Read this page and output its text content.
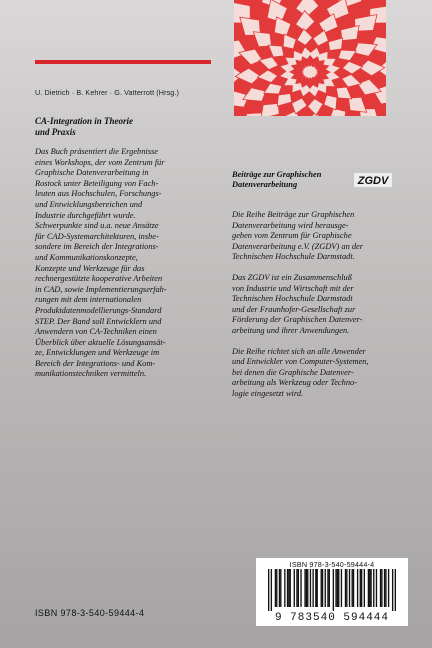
U. Dietrich · B. Kehrer · G. Vatterrott (Hrsg.)
CA-Integration in Theorie
und Praxis
Das Buch präsentiert die Ergebnisse
eines Workshops, der vom Zentrum für
Graphische Datenverarbeitung in
Rostock unter Beteiligung von Fach-
leuten aus Hochschulen, Forschungs-
und Entwicklungsbereichen und
Industrie durchgeführt wurde.
Schwerpunkte sind u.a. neue Ansätze
für CAD-Systemarchitekturen, insbe-
sondere im Bereich der Integrations-
und Kommunikationskonzepte,
Konzepte und Werkzeuge für das
rechnergestützte kooperative Arbeiten
in CAD, sowie Implementierungserfah-
rungen mit dem internationalen
Produktdatenmodellierungs-Standard
STEP. Der Band soll Entwicklern und
Anwendern von CA-Techniken einen
Überblick über aktuelle Lösungsansät-
ze, Entwicklungen und Werkzeuge im
Bereich der Integrations- und Kom-
munikationstechniken vermitteln.
Beiträge zur Graphischen
Datenverarbeitung	ZGDV
Die Reihe Beiträge zur Graphischen
Datenverarbeitung wird herausge-
geben vom Zentrum für Graphische
Datenverarbeitung e.V. (ZGDV) an der
Technischen Hochschule Darmstadt.
Das ZGDV ist ein Zusammenschluß
von Industrie und Wirtschaft mit der
Technischen Hochschule Darmstadt
und der Fraunhofer-Gesellschaft zur
Förderung der Graphischen Datenver-
arbeitung und ihrer Anwendungen.
Die Reihe richtet sich an alle Anwender
und Entwickler von Computer-Systemen,
bei denen die Graphische Datenver-
arbeitung als Werkzeug oder Techno-
logie eingesetzt wird.
ISBN 978-3-540-59444-4
ISBN 978-3-540-59444-4
9 783540 594444
